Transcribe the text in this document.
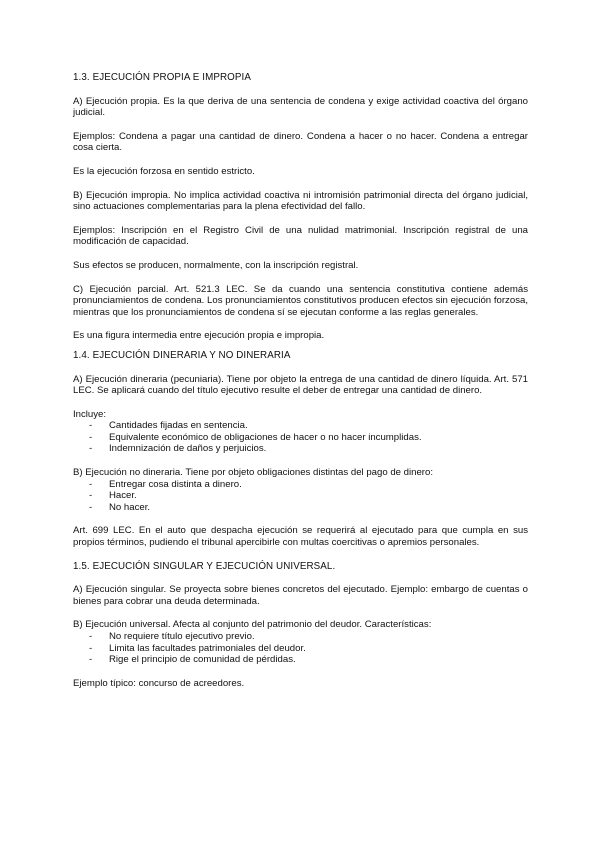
1.3. EJECUCIÓN PROPIA E IMPROPIA
A) Ejecución propia. Es la que deriva de una sentencia de condena y exige actividad coactiva del órgano judicial.
Ejemplos: Condena a pagar una cantidad de dinero. Condena a hacer o no hacer. Condena a entregar cosa cierta.
Es la ejecución forzosa en sentido estricto.
B) Ejecución impropia. No implica actividad coactiva ni intromisión patrimonial directa del órgano judicial, sino actuaciones complementarias para la plena efectividad del fallo.
Ejemplos: Inscripción en el Registro Civil de una nulidad matrimonial. Inscripción registral de una modificación de capacidad.
Sus efectos se producen, normalmente, con la inscripción registral.
C) Ejecución parcial. Art. 521.3 LEC. Se da cuando una sentencia constitutiva contiene además pronunciamientos de condena. Los pronunciamientos constitutivos producen efectos sin ejecución forzosa, mientras que los pronunciamientos de condena sí se ejecutan conforme a las reglas generales.
Es una figura intermedia entre ejecución propia e impropia.
1.4. EJECUCIÓN DINERARIA Y NO DINERARIA
A) Ejecución dineraria (pecuniaria). Tiene por objeto la entrega de una cantidad de dinero líquida. Art. 571 LEC. Se aplicará cuando del título ejecutivo resulte el deber de entregar una cantidad de dinero.
Incluye:
- Cantidades fijadas en sentencia.
- Equivalente económico de obligaciones de hacer o no hacer incumplidas.
- Indemnización de daños y perjuicios.
B) Ejecución no dineraria. Tiene por objeto obligaciones distintas del pago de dinero:
- Entregar cosa distinta a dinero.
- Hacer.
- No hacer.
Art. 699 LEC. En el auto que despacha ejecución se requerirá al ejecutado para que cumpla en sus propios términos, pudiendo el tribunal apercibirle con multas coercitivas o apremios personales.
1.5. EJECUCIÓN SINGULAR Y EJECUCIÓN UNIVERSAL.
A) Ejecución singular. Se proyecta sobre bienes concretos del ejecutado. Ejemplo: embargo de cuentas o bienes para cobrar una deuda determinada.
B) Ejecución universal. Afecta al conjunto del patrimonio del deudor. Características:
- No requiere título ejecutivo previo.
- Limita las facultades patrimoniales del deudor.
- Rige el principio de comunidad de pérdidas.
Ejemplo típico: concurso de acreedores.
